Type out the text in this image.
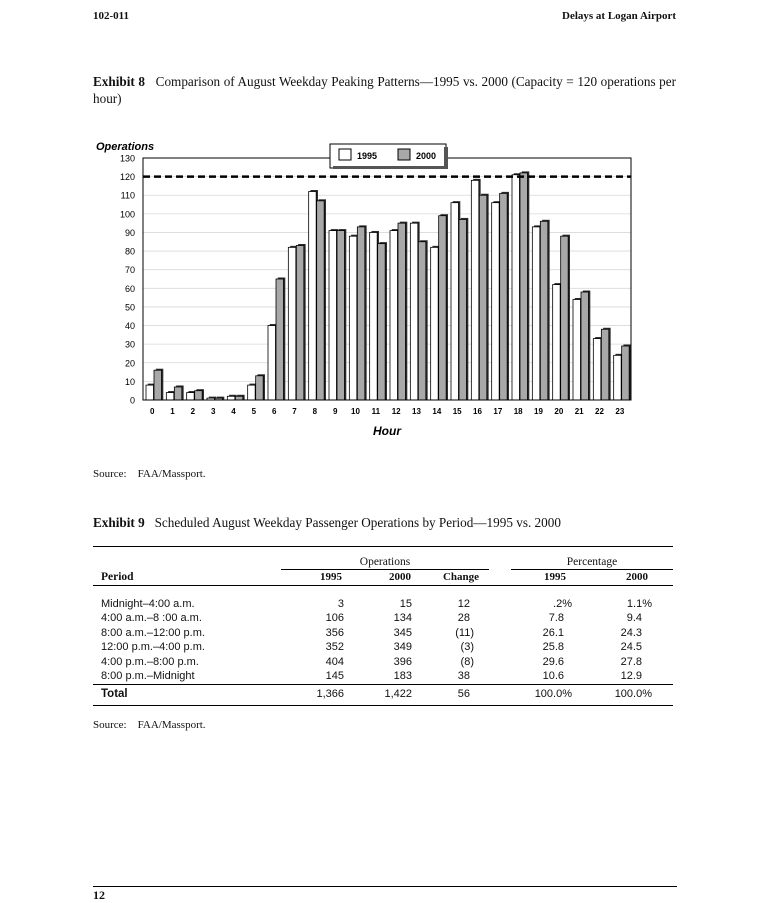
102-011	Delays at Logan Airport
Exhibit 8 Comparison of August Weekday Peaking Patterns—1995 vs. 2000 (Capacity = 120 operations per hour)
Operations
0
10
20
30
40
50
60
70
80
90
100
110
120
130
0 1 2 3 4 5 6 7 8 9 10 11 12 13 14 15 16 17 18 19 20 21 22 23
1995	2000
Hour
Source: FAA/Massport.
Exhibit 9 Scheduled August Weekday Passenger Operations by Period—1995 vs. 2000

	Operations			Percentage		

Period	1995	2000	Change	1995	2000	

Midnight–4:00 a.m.	3	15	12	.2%	1.1%	
4:00 a.m.–8 :00 a.m.	106	134	28	7.8	9.4	
8:00 a.m.–12:00 p.m.	356	345	(11)	26.1	24.3	
12:00 p.m.–4:00 p.m.	352	349	(3)	25.8	24.5	
4:00 p.m.–8:00 p.m.	404	396	(8)	29.6	27.8	
8:00 p.m.–Midnight	145	183	38	10.6	12.9	
Total	1,366	1,422	56	100.0%	100.0%	
Source: FAA/Massport.
12
